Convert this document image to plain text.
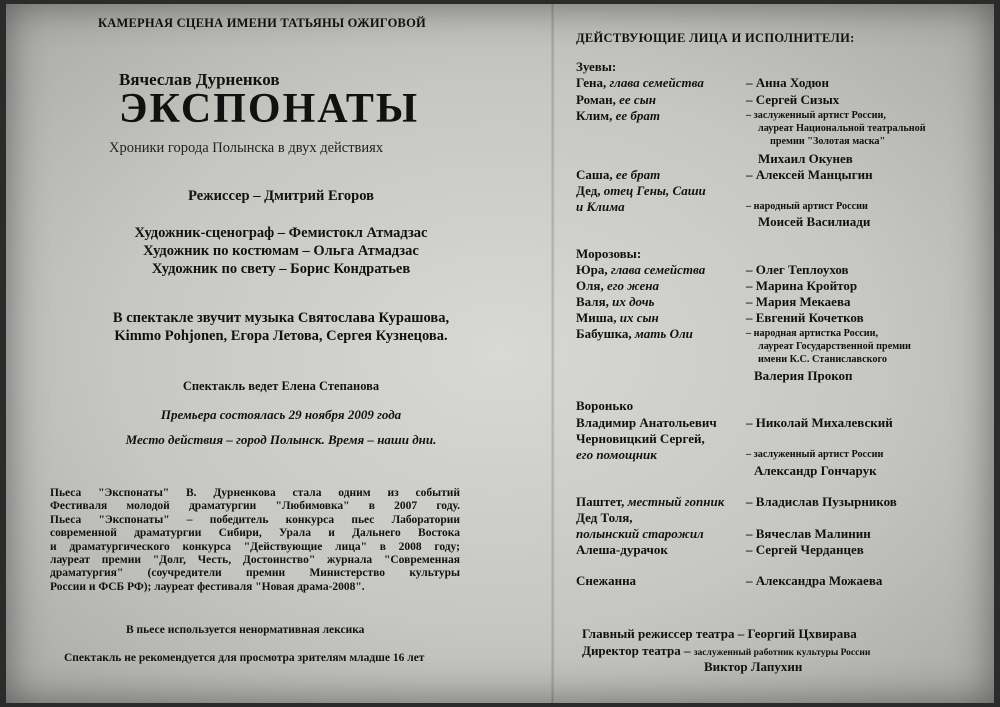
КАМЕРНАЯ СЦЕНА ИМЕНИ ТАТЬЯНЫ ОЖИГОВОЙ
Вячеслав Дурненков
ЭКСПОНАТЫ
Хроники города Полынска в двух действиях
Режиссер – Дмитрий Егоров
Художник-сценограф – Фемистокл Атмадзас
Художник по костюмам – Ольга Атмадзас
Художник по свету – Борис Кондратьев
В спектакле звучит музыка Святослава Курашова,
Kimmo Pohjonen, Егора Летова, Сергея Кузнецова.
Спектакль ведет Елена Степанова
Премьера состоялась 29 ноября 2009 года
Место действия – город Полынск. Время – наши дни.
Пьеса "Экспонаты" В. Дурненкова стала одним из событий
Фестиваля молодой драматургии "Любимовка" в 2007 году.
Пьеса "Экспонаты" – победитель конкурса пьес Лаборатории
современной драматургии Сибири, Урала и Дальнего Востока
и драматургического конкурса "Действующие лица" в 2008 году;
лауреат премии "Долг, Честь, Достоинство" журнала "Современная
драматургия" (соучредители премии Министерство культуры
России и ФСБ РФ); лауреат фестиваля "Новая драма-2008".
В пьесе используется ненормативная лексика
Спектакль не рекомендуется для просмотра зрителям младше 16 лет
ДЕЙСТВУЮЩИЕ ЛИЦА И ИСПОЛНИТЕЛИ:
Зуевы:
Гена, глава семейства	– Анна Ходюн
Роман, ее сын	– Сергей Сизых
Клим, ее брат	– заслуженный артист России,
лауреат Национальной театральной
премии "Золотая маска"
Михаил Окунев
Саша, ее брат	– Алексей Манцыгин
Дед, отец Гены, Саши
и Клима	– народный артист России
Моисей Василиади
Морозовы:
Юра, глава семейства	– Олег Теплоухов
Оля, его жена	– Марина Кройтор
Валя, их дочь	– Мария Мекаева
Миша, их сын	– Евгений Кочетков
Бабушка, мать Оли	– народная артистка России,
лауреат Государственной премии
имени К.С. Станиславского
Валерия Прокоп
Воронько
Владимир Анатольевич – Николай Михалевский
Черновицкий Сергей,
его помощник	– заслуженный артист России
Александр Гончарук
Паштет, местный гопник – Владислав Пузырников
Дед Толя,
полынский старожил	– Вячеслав Малинин
Алеша-дурачок	– Сергей Черданцев
Снежанна	– Александра Можаева
Главный режиссер театра – Георгий Цхвирава
Директор театра – заслуженный работник культуры России
Виктор Лапухин
